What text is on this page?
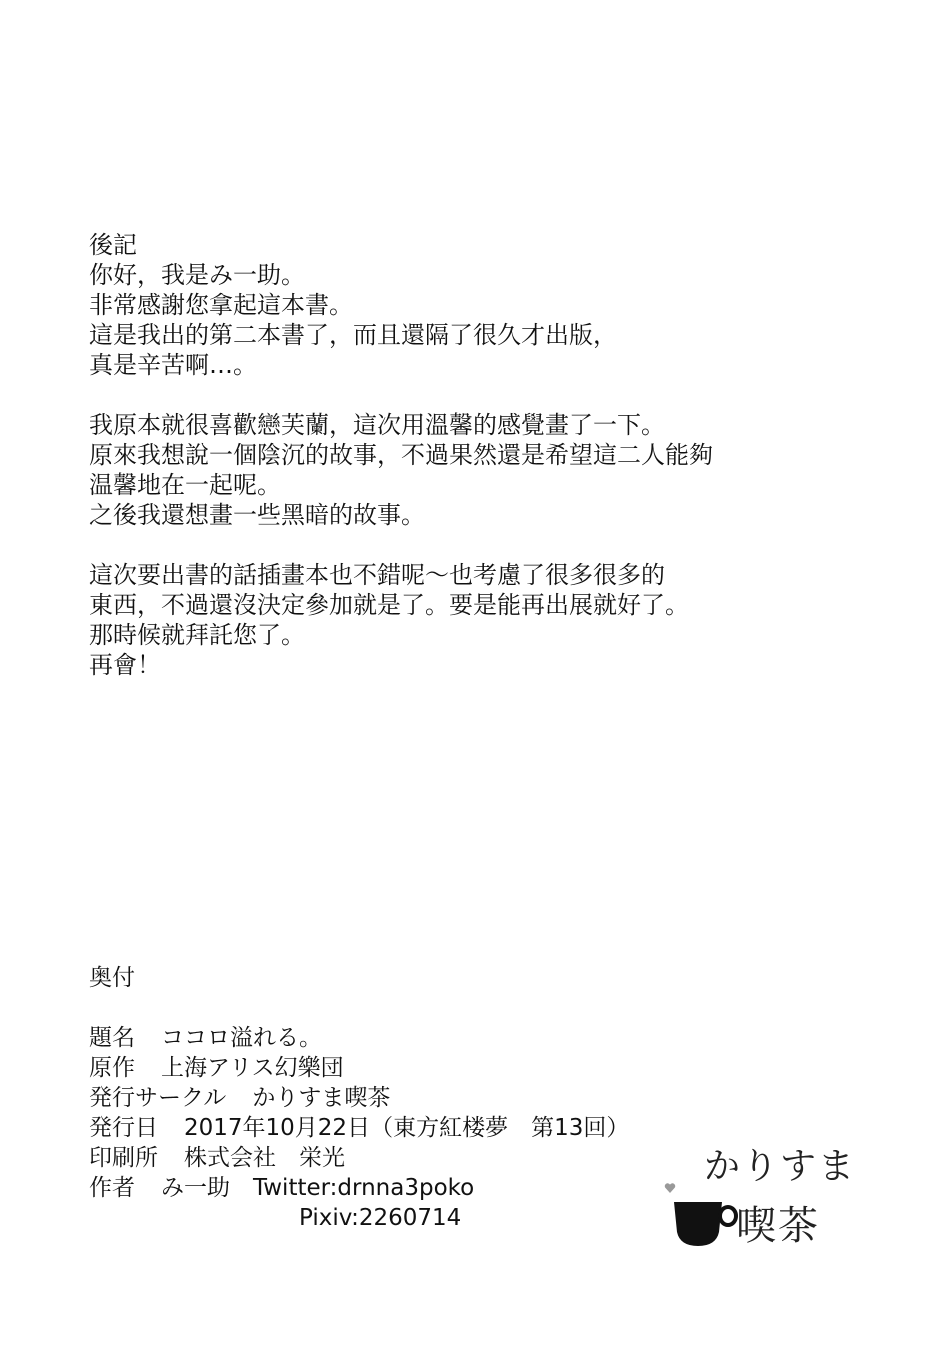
後記
你好，我是み一助。
非常感謝您拿起這本書。
這是我出的第二本書了，而且還隔了很久才出版，
真是辛苦啊…。
我原本就很喜歡戀芙蘭，這次用溫馨的感覺畫了一下。
原來我想說一個陰沉的故事，不過果然還是希望這二人能夠
温馨地在一起呢。
之後我還想畫一些黑暗的故事。
這次要出書的話插畫本也不錯呢～也考慮了很多很多的
東西，不過還沒決定參加就是了。要是能再出展就好了。
那時候就拜託您了。
再會！
奥付
題名 ココロ溢れる。
原作 上海アリス幻樂団
発行サークル かりすま喫茶
発行日 2017年10月22日（東方紅楼夢　第13回）
印刷所 株式会社　栄光
作者 み一助　Twitter:drnna3poko
Pixiv:2260714
かりすま
喫茶
